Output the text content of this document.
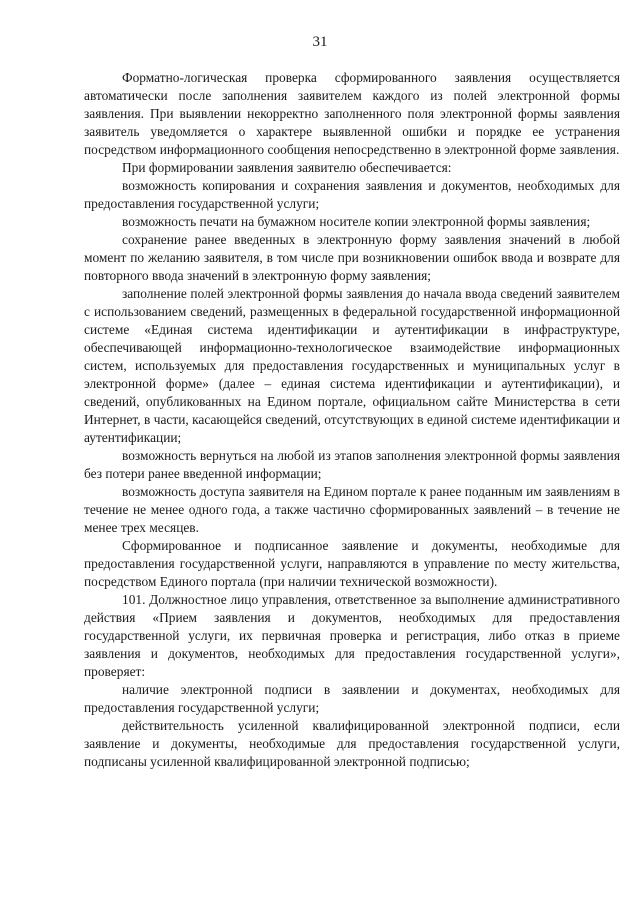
31

Форматно-логическая проверка сформированного заявления осуществляется автоматически после заполнения заявителем каждого из полей электронной формы заявления. При выявлении некорректно заполненного поля электронной формы заявления заявитель уведомляется о характере выявленной ошибки и порядке ее устранения посредством информационного сообщения непосредственно в электронной форме заявления.

При формировании заявления заявителю обеспечивается:

возможность копирования и сохранения заявления и документов, необходимых для предоставления государственной услуги;

возможность печати на бумажном носителе копии электронной формы заявления;

сохранение ранее введенных в электронную форму заявления значений в любой момент по желанию заявителя, в том числе при возникновении ошибок ввода и возврате для повторного ввода значений в электронную форму заявления;

заполнение полей электронной формы заявления до начала ввода сведений заявителем с использованием сведений, размещенных в федеральной государственной информационной системе «Единая система идентификации и аутентификации в инфраструктуре, обеспечивающей информационно-технологическое взаимодействие информационных систем, используемых для предоставления государственных и муниципальных услуг в электронной форме» (далее – единая система идентификации и аутентификации), и сведений, опубликованных на Едином портале, официальном сайте Министерства в сети Интернет, в части, касающейся сведений, отсутствующих в единой системе идентификации и аутентификации;

возможность вернуться на любой из этапов заполнения электронной формы заявления без потери ранее введенной информации;

возможность доступа заявителя на Едином портале к ранее поданным им заявлениям в течение не менее одного года, а также частично сформированных заявлений – в течение не менее трех месяцев.

Сформированное и подписанное заявление и документы, необходимые для предоставления государственной услуги, направляются в управление по месту жительства, посредством Единого портала (при наличии технической возможности).

101. Должностное лицо управления, ответственное за выполнение административного действия «Прием заявления и документов, необходимых для предоставления государственной услуги, их первичная проверка и регистрация, либо отказ в приеме заявления и документов, необходимых для предоставления государственной услуги», проверяет:

наличие электронной подписи в заявлении и документах, необходимых для предоставления государственной услуги;

действительность усиленной квалифицированной электронной подписи, если заявление и документы, необходимые для предоставления государственной услуги, подписаны усиленной квалифицированной электронной подписью;
